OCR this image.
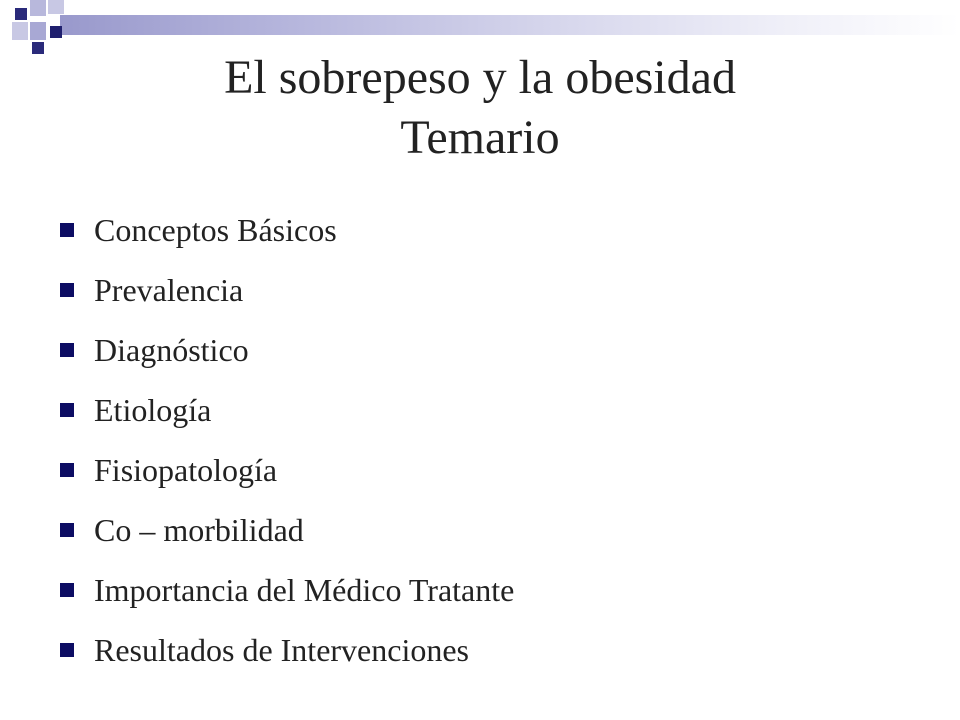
El sobrepeso y la obesidad
Temario
Conceptos Básicos
Prevalencia
Diagnóstico
Etiología
Fisiopatología
Co – morbilidad
Importancia del Médico Tratante
Resultados de Intervenciones
